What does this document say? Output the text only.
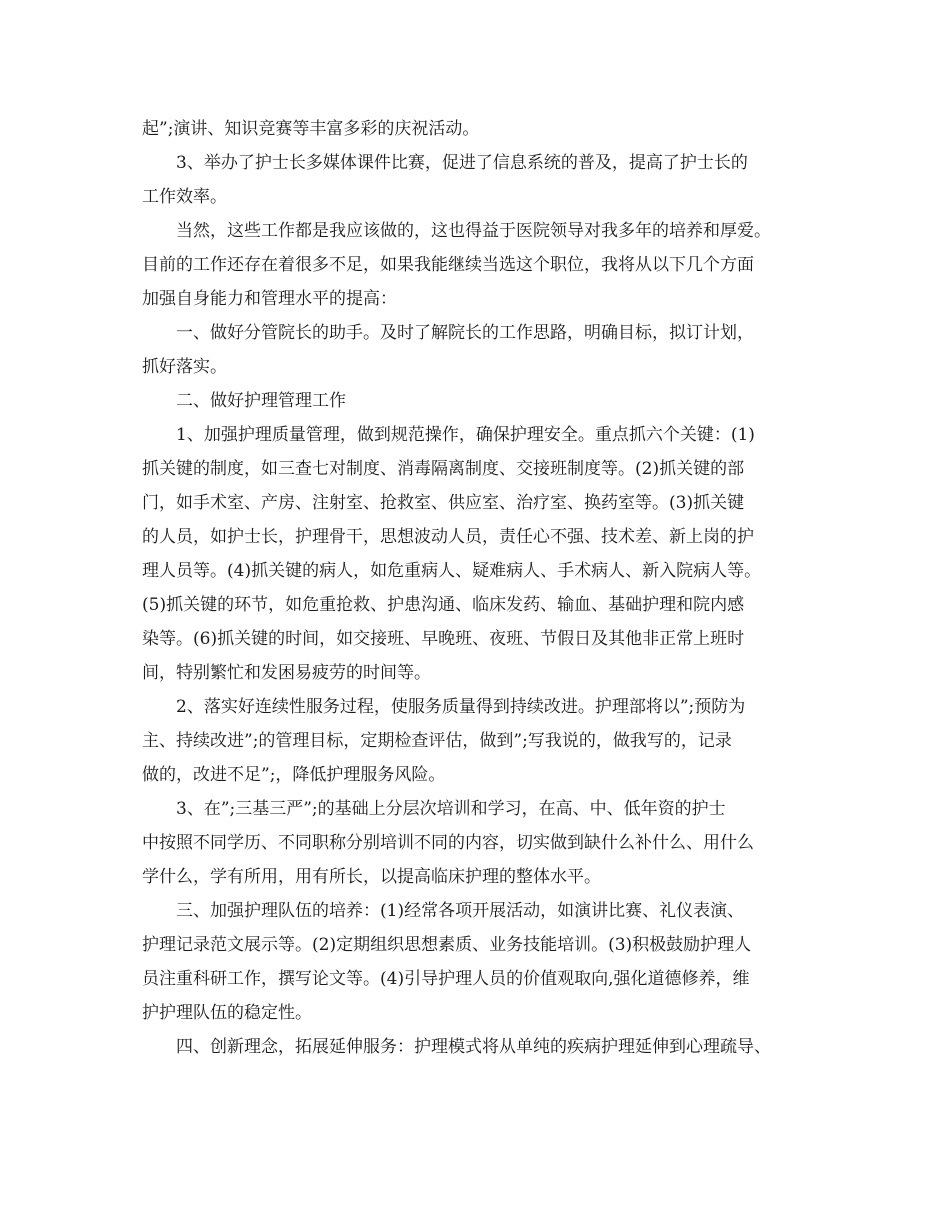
起”;演讲、知识竞赛等丰富多彩的庆祝活动。
3、举办了护士长多媒体课件比赛，促进了信息系统的普及，提高了护士长的
工作效率。
当然，这些工作都是我应该做的，这也得益于医院领导对我多年的培养和厚爱。
目前的工作还存在着很多不足，如果我能继续当选这个职位，我将从以下几个方面
加强自身能力和管理水平的提高：
一、做好分管院长的助手。及时了解院长的工作思路，明确目标，拟订计划，
抓好落实。
二、做好护理管理工作
1、加强护理质量管理，做到规范操作，确保护理安全。重点抓六个关键：(1)
抓关键的制度，如三查七对制度、消毒隔离制度、交接班制度等。(2)抓关键的部
门，如手术室、产房、注射室、抢救室、供应室、治疗室、换药室等。(3)抓关键
的人员，如护士长，护理骨干，思想波动人员，责任心不强、技术差、新上岗的护
理人员等。(4)抓关键的病人，如危重病人、疑难病人、手术病人、新入院病人等。
(5)抓关键的环节，如危重抢救、护患沟通、临床发药、输血、基础护理和院内感
染等。(6)抓关键的时间，如交接班、早晚班、夜班、节假日及其他非正常上班时
间，特别繁忙和发困易疲劳的时间等。
2、落实好连续性服务过程，使服务质量得到持续改进。护理部将以”;预防为
主、持续改进”;的管理目标，定期检查评估，做到”;写我说的，做我写的，记录
做的，改进不足”;，降低护理服务风险。
3、在”;三基三严”;的基础上分层次培训和学习，在高、中、低年资的护士
中按照不同学历、不同职称分别培训不同的内容，切实做到缺什么补什么、用什么
学什么，学有所用，用有所长，以提高临床护理的整体水平。
三、加强护理队伍的培养：(1)经常各项开展活动，如演讲比赛、礼仪表演、
护理记录范文展示等。(2)定期组织思想素质、业务技能培训。(3)积极鼓励护理人
员注重科研工作，撰写论文等。(4)引导护理人员的价值观取向,强化道德修养，维
护护理队伍的稳定性。
四、创新理念，拓展延伸服务：护理模式将从单纯的疾病护理延伸到心理疏导、
